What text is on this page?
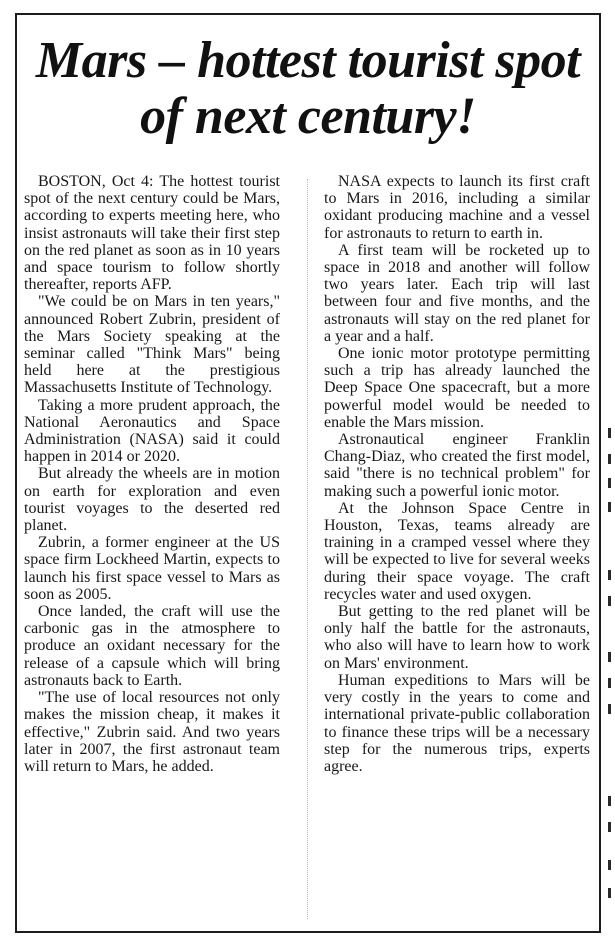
Mars – hottest tourist spot of next century!

BOSTON, Oct 4: The hottest tourist spot of the next century could be Mars, according to experts meeting here, who insist astronauts will take their first step on the red planet as soon as in 10 years and space tourism to follow shortly thereafter, reports AFP.

"We could be on Mars in ten years," announced Robert Zubrin, president of the Mars Society speaking at the seminar called "Think Mars" being held here at the prestigious Massachusetts Institute of Technology.

Taking a more prudent approach, the National Aeronautics and Space Administration (NASA) said it could happen in 2014 or 2020.

But already the wheels are in motion on earth for exploration and even tourist voyages to the deserted red planet.

Zubrin, a former engineer at the US space firm Lockheed Martin, expects to launch his first space vessel to Mars as soon as 2005.

Once landed, the craft will use the carbonic gas in the atmosphere to produce an oxidant necessary for the release of a capsule which will bring astronauts back to Earth.

"The use of local resources not only makes the mission cheap, it makes it effective," Zubrin said. And two years later in 2007, the first astronaut team will return to Mars, he added.

NASA expects to launch its first craft to Mars in 2016, including a similar oxidant producing machine and a vessel for astronauts to return to earth in.

A first team will be rocketed up to space in 2018 and another will follow two years later. Each trip will last between four and five months, and the astronauts will stay on the red planet for a year and a half.

One ionic motor prototype permitting such a trip has already launched the Deep Space One spacecraft, but a more powerful model would be needed to enable the Mars mission.

Astronautical engineer Franklin Chang-Diaz, who created the first model, said "there is no technical problem" for making such a powerful ionic motor.

At the Johnson Space Centre in Houston, Texas, teams already are training in a cramped vessel where they will be expected to live for several weeks during their space voyage. The craft recycles water and used oxygen.

But getting to the red planet will be only half the battle for the astronauts, who also will have to learn how to work on Mars' environment.

Human expeditions to Mars will be very costly in the years to come and international private-public collaboration to finance these trips will be a necessary step for the numerous trips, experts agree.
